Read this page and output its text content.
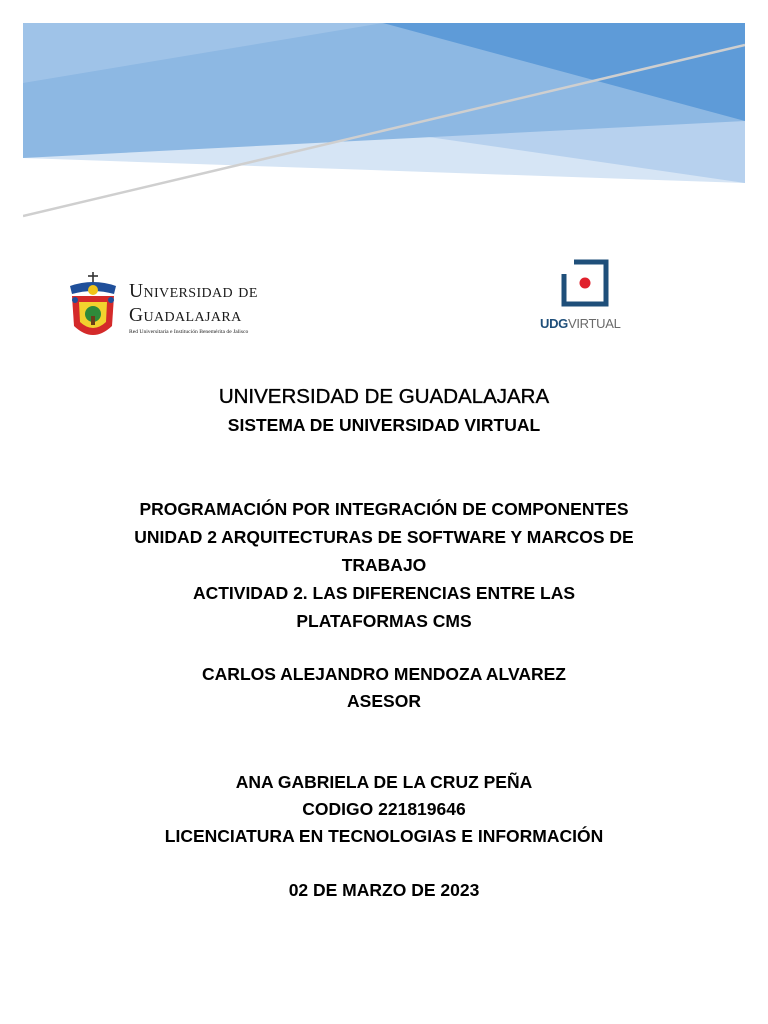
Universidad de
Guadalajara
Red Universitaria e Institución Benemérita de Jalisco
UDGVIRTUAL
UNIVERSIDAD DE GUADALAJARA
SISTEMA DE UNIVERSIDAD VIRTUAL
PROGRAMACIÓN POR INTEGRACIÓN DE COMPONENTES
UNIDAD 2 ARQUITECTURAS DE SOFTWARE Y MARCOS DE
TRABAJO
ACTIVIDAD 2. LAS DIFERENCIAS ENTRE LAS
PLATAFORMAS CMS
CARLOS ALEJANDRO MENDOZA ALVAREZ
ASESOR
ANA GABRIELA DE LA CRUZ PEÑA
CODIGO 221819646
LICENCIATURA EN TECNOLOGIAS E INFORMACIÓN
02 DE MARZO DE 2023
